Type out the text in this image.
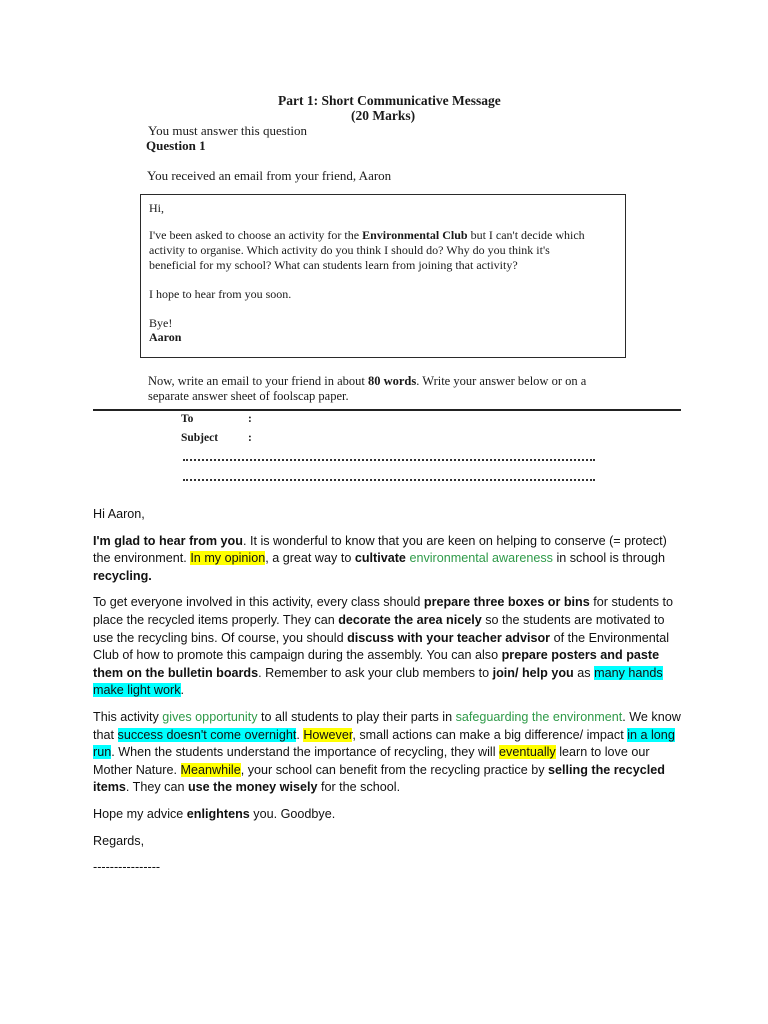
Part 1: Short Communicative Message
(20 Marks)
You must answer this question
Question 1
You received an email from your friend, Aaron
Hi,
I've been asked to choose an activity for the Environmental Club but I can't decide which
activity to organise. Which activity do you think I should do? Why do you think it's
beneficial for my school? What can students learn from joining that activity?
I hope to hear from you soon.
Bye!
Aaron
Now, write an email to your friend in about 80 words. Write your answer below or on a
separate answer sheet of foolscap paper.
To	:
Subject	:

Hi Aaron,

I'm glad to hear from you. It is wonderful to know that you are keen on helping to conserve (= protect) the environment. In my opinion, a great way to cultivate environmental awareness in school is through recycling.

To get everyone involved in this activity, every class should prepare three boxes or bins for students to place the recycled items properly. They can decorate the area nicely so the students are motivated to use the recycling bins. Of course, you should discuss with your teacher advisor of the Environmental Club of how to promote this campaign during the assembly. You can also prepare posters and paste them on the bulletin boards. Remember to ask your club members to join/ help you as many hands make light work.

This activity gives opportunity to all students to play their parts in safeguarding the environment. We know that success doesn't come overnight. However, small actions can make a big difference/ impact in a long run. When the students understand the importance of recycling, they will eventually learn to love our Mother Nature. Meanwhile, your school can benefit from the recycling practice by selling the recycled items. They can use the money wisely for the school.

Hope my advice enlightens you. Goodbye.

Regards,

----------------
